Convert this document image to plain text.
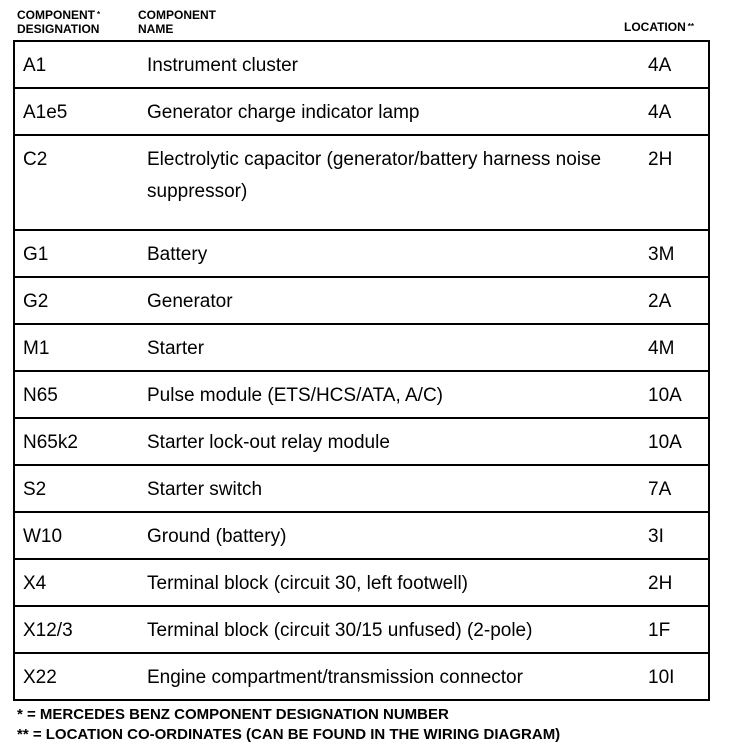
COMPONENT *
DESIGNATION
COMPONENT
NAME	LOCATION **
A1	Instrument cluster	4A
A1e5	Generator charge indicator lamp	4A
C2	Electrolytic capacitor (generator/battery harness noise suppressor)	2H
G1	Battery	3M
G2	Generator	2A
M1	Starter	4M
N65	Pulse module (ETS/HCS/ATA, A/C)	10A
N65k2	Starter lock-out relay module	10A
S2	Starter switch	7A
W10	Ground (battery)	3I
X4	Terminal block (circuit 30, left footwell)	2H
X12/3	Terminal block (circuit 30/15 unfused) (2-pole)	1F
X22	Engine compartment/transmission connector	10I
* = MERCEDES BENZ COMPONENT DESIGNATION NUMBER
** = LOCATION CO-ORDINATES (CAN BE FOUND IN THE WIRING DIAGRAM)
